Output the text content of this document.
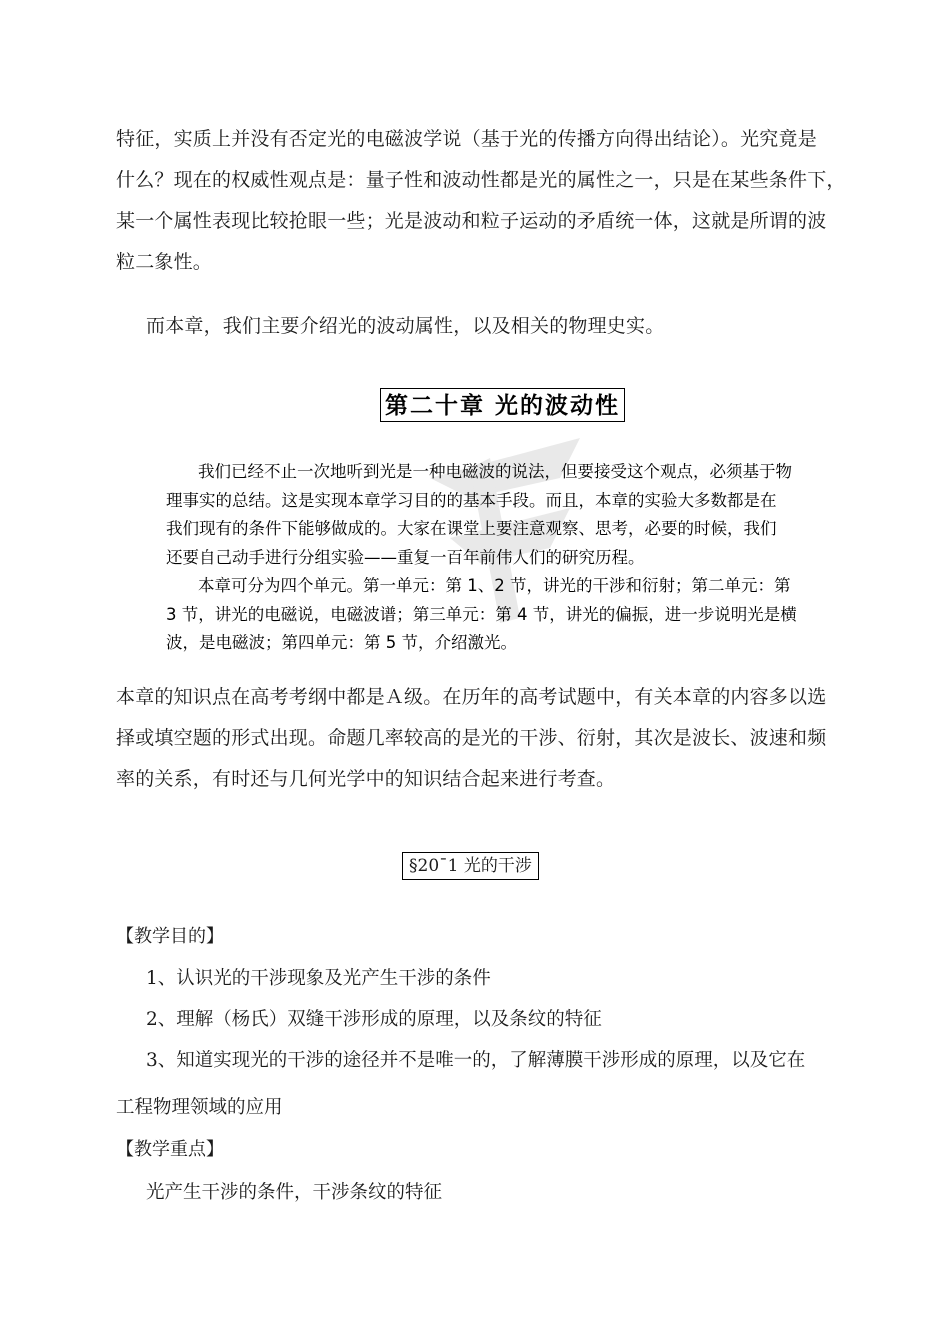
特征，实质上并没有否定光的电磁波学说（基于光的传播方向得出结论）。光究竟是
什么？现在的权威性观点是：量子性和波动性都是光的属性之一，只是在某些条件下，
某一个属性表现比较抢眼一些；光是波动和粒子运动的矛盾统一体，这就是所谓的波
粒二象性。

而本章，我们主要介绍光的波动属性，以及相关的物理史实。

第二十章 光的波动性
我们已经不止一次地听到光是一种电磁波的说法，但要接受这个观点，必须基于物
理事实的总结。这是实现本章学习目的的基本手段。而且，本章的实验大多数都是在
我们现有的条件下能够做成的。大家在课堂上要注意观察、思考，必要的时候，我们
还要自己动手进行分组实验——重复一百年前伟人们的研究历程。
本章可分为四个单元。第一单元：第 1、2 节，讲光的干涉和衍射；第二单元：第
3 节，讲光的电磁说，电磁波谱；第三单元：第 4 节，讲光的偏振，进一步说明光是横
波，是电磁波；第四单元：第 5 节，介绍激光。
本章的知识点在高考考纲中都是Ａ级。在历年的高考试题中，有关本章的内容多以选
择或填空题的形式出现。命题几率较高的是光的干涉、衍射，其次是波长、波速和频
率的关系，有时还与几何光学中的知识结合起来进行考查。
§20ˉ1 光的干涉

【教学目的】

1、认识光的干涉现象及光产生干涉的条件

2、理解（杨氏）双缝干涉形成的原理，以及条纹的特征

3、知道实现光的干涉的途径并不是唯一的，了解薄膜干涉形成的原理，以及它在

工程物理领域的应用

【教学重点】

光产生干涉的条件，干涉条纹的特征
